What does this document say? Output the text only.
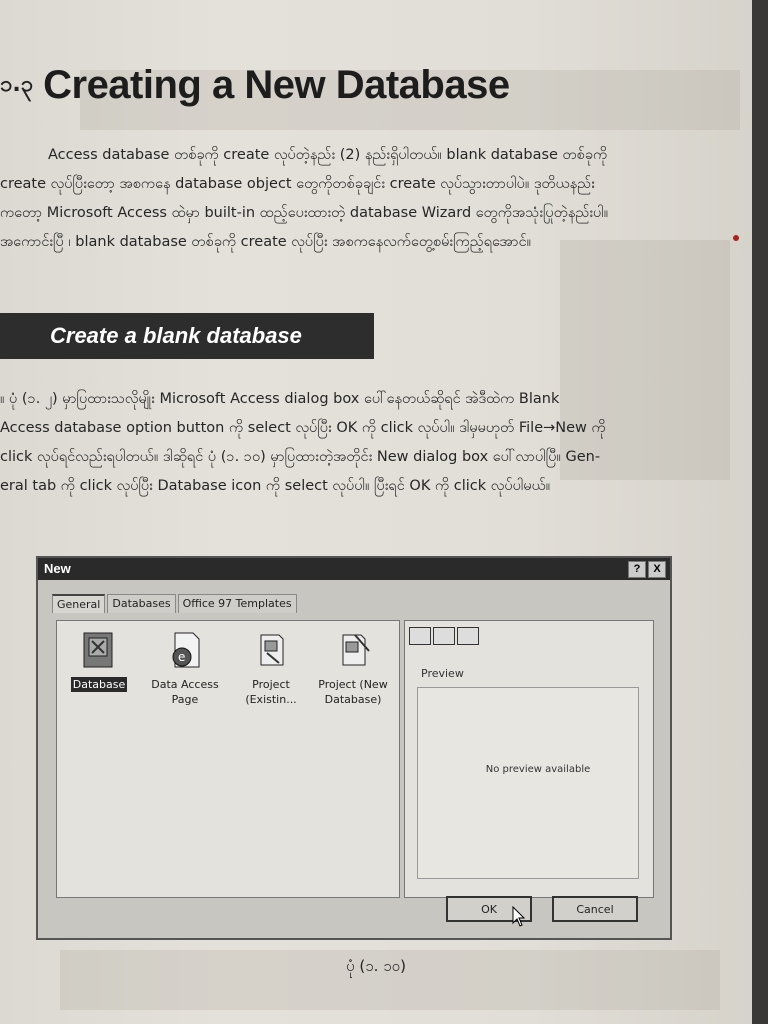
၁.၃ Creating a New Database

Access database တစ်ခုကို create လုပ်တဲ့နည်း (2) နည်းရှိပါတယ်။ blank database တစ်ခုကို

create လုပ်ပြီးတော့ အစကနေ database object တွေကိုတစ်ခုချင်း create လုပ်သွားတာပါပဲ။ ဒုတိယနည်း

ကတော့ Microsoft Access ထဲမှာ built-in ထည့်ပေးထားတဲ့ database Wizard တွေကိုအသုံးပြုတဲ့နည်းပါ။

အကောင်းပြီ ၊ blank database တစ်ခုကို create လုပ်ပြီး အစကနေလက်တွေ့စမ်းကြည့်ရအောင်။

Create a blank database

။ ပုံ (၁. ၂) မှာပြထားသလိုမျိုး Microsoft Access dialog box ပေါ်နေတယ်ဆိုရင် အဲဒီထဲက Blank

Access database option button ကို select လုပ်ပြီး OK ကို click လုပ်ပါ။ ဒါမှမဟုတ် File→New ကို

click လုပ်ရင်လည်းရပါတယ်။ ဒါဆိုရင် ပုံ (၁. ၁၀) မှာပြထားတဲ့အတိုင်း New dialog box ပေါ်လာပါပြီ။ Gen-

eral tab ကို click လုပ်ပြီး Database icon ကို select လုပ်ပါ။ ပြီးရင် OK ကို click လုပ်ပါမယ်။

New	?	X
General	Databases	Office 97 Templates
Database
e
Data Access Page
Project (Existin...
Project (New Database)
Preview
No preview available
OK	Cancel
ပုံ (၁. ၁၀)
